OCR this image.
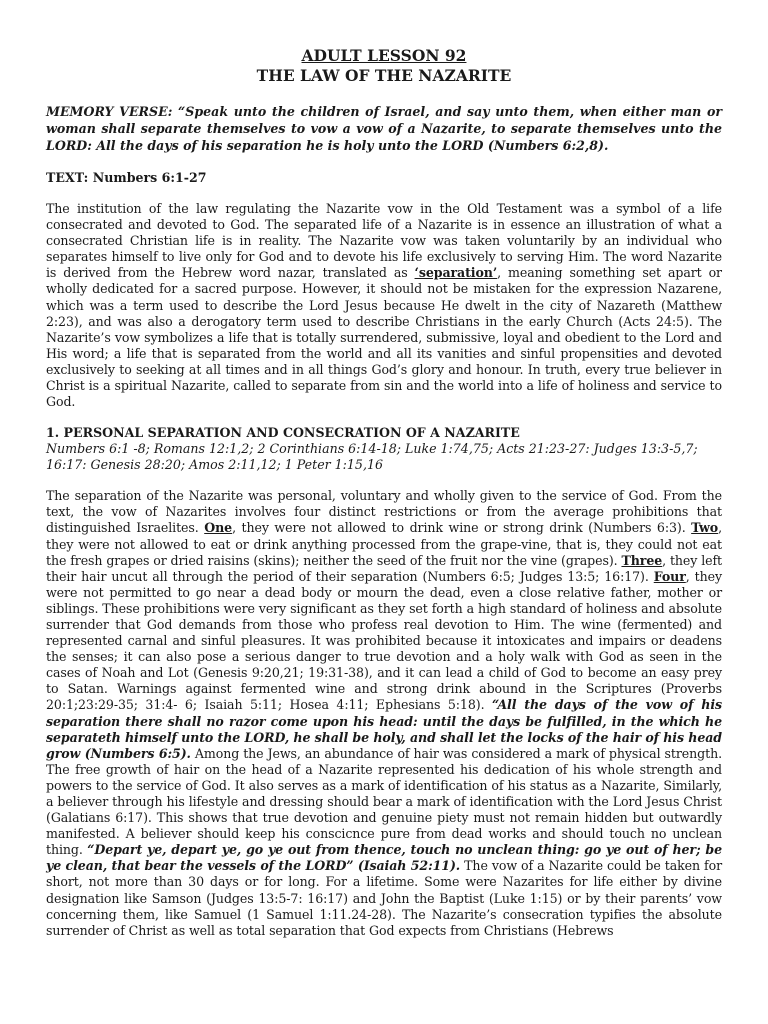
ADULT LESSON 92
THE LAW OF THE NAZARITE
MEMORY VERSE: “Speak unto the children of Israel, and say unto them, when either man or woman shall separate themselves to vow a vow of a Nazarite, to separate themselves unto the LORD: All the days of his separation he is holy unto the LORD (Numbers 6:2,8).
TEXT: Numbers 6:1-27

The institution of the law regulating the Nazarite vow in the Old Testament was a symbol of a life consecrated and devoted to God. The separated life of a Nazarite is in essence an illustration of what a consecrated Christian life is in reality. The Nazarite vow was taken voluntarily by an individual who separates himself to live only for God and to devote his life exclusively to serving Him. The word Nazarite is derived from the Hebrew word nazar, translated as ‘separation’, meaning something set apart or wholly dedicated for a sacred purpose. However, it should not be mistaken for the expression Nazarene, which was a term used to describe the Lord Jesus because He dwelt in the city of Nazareth (Matthew 2:23), and was also a derogatory term used to describe Christians in the early Church (Acts 24:5). The Nazarite’s vow symbolizes a life that is totally surrendered, submissive, loyal and obedient to the Lord and His word; a life that is separated from the world and all its vanities and sinful propensities and devoted exclusively to seeking at all times and in all things God’s glory and honour. In truth, every true believer in Christ is a spiritual Nazarite, called to separate from sin and the world into a life of holiness and service to God.

1. PERSONAL SEPARATION AND CONSECRATION OF A NAZARITE
Numbers 6:1 -8; Romans 12:1,2; 2 Corinthians 6:14-18; Luke 1:74,75; Acts 21:23-27: Judges 13:3-5,7; 16:17: Genesis 28:20; Amos 2:11,12; 1 Peter 1:15,16

The separation of the Nazarite was personal, voluntary and wholly given to the service of God. From the text, the vow of Nazarites involves four distinct restrictions or from the average prohibitions that distinguished Israelites. One, they were not allowed to drink wine or strong drink (Numbers 6:3). Two, they were not allowed to eat or drink anything processed from the grape-vine, that is, they could not eat the fresh grapes or dried raisins (skins); neither the seed of the fruit nor the vine (grapes). Three, they left their hair uncut all through the period of their separation (Numbers 6:5; Judges 13:5; 16:17). Four, they were not permitted to go near a dead body or mourn the dead, even a close relative father, mother or siblings. These prohibitions were very significant as they set forth a high standard of holiness and absolute surrender that God demands from those who profess real devotion to Him. The wine (fermented) and represented carnal and sinful pleasures. It was prohibited because it intoxicates and impairs or deadens the senses; it can also pose a serious danger to true devotion and a holy walk with God as seen in the cases of Noah and Lot (Genesis 9:20,21; 19:31-38), and it can lead a child of God to become an easy prey to Satan. Warnings against fermented wine and strong drink abound in the Scriptures (Proverbs 20:1;23:29-35; 31:4- 6; Isaiah 5:11; Hosea 4:11; Ephesians 5:18). “All the days of the vow of his separation there shall no razor come upon his head: until the days be fulfilled, in the which he separateth himself unto the LORD, he shall be holy, and shall let the locks of the hair of his head grow (Numbers 6:5). Among the Jews, an abundance of hair was considered a mark of physical strength. The free growth of hair on the head of a Nazarite represented his dedication of his whole strength and powers to the service of God. It also serves as a mark of identification of his status as a Nazarite, Similarly, a believer through his lifestyle and dressing should bear a mark of identification with the Lord Jesus Christ (Galatians 6:17). This shows that true devotion and genuine piety must not remain hidden but outwardly manifested. A believer should keep his conscicnce pure from dead works and should touch no unclean thing. “Depart ye, depart ye, go ye out from thence, touch no unclean thing: go ye out of her; be ye clean, that bear the vessels of the LORD” (Isaiah 52:11). The vow of a Nazarite could be taken for short, not more than 30 days or for long. For a lifetime. Some were Nazarites for life either by divine designation like Samson (Judges 13:5-7: 16:17) and John the Baptist (Luke 1:15) or by their parents’ vow concerning them, like Samuel (1 Samuel 1:11.24-28). The Nazarite’s consecration typifies the absolute surrender of Christ as well as total separation that God expects from Christians (Hebrews
